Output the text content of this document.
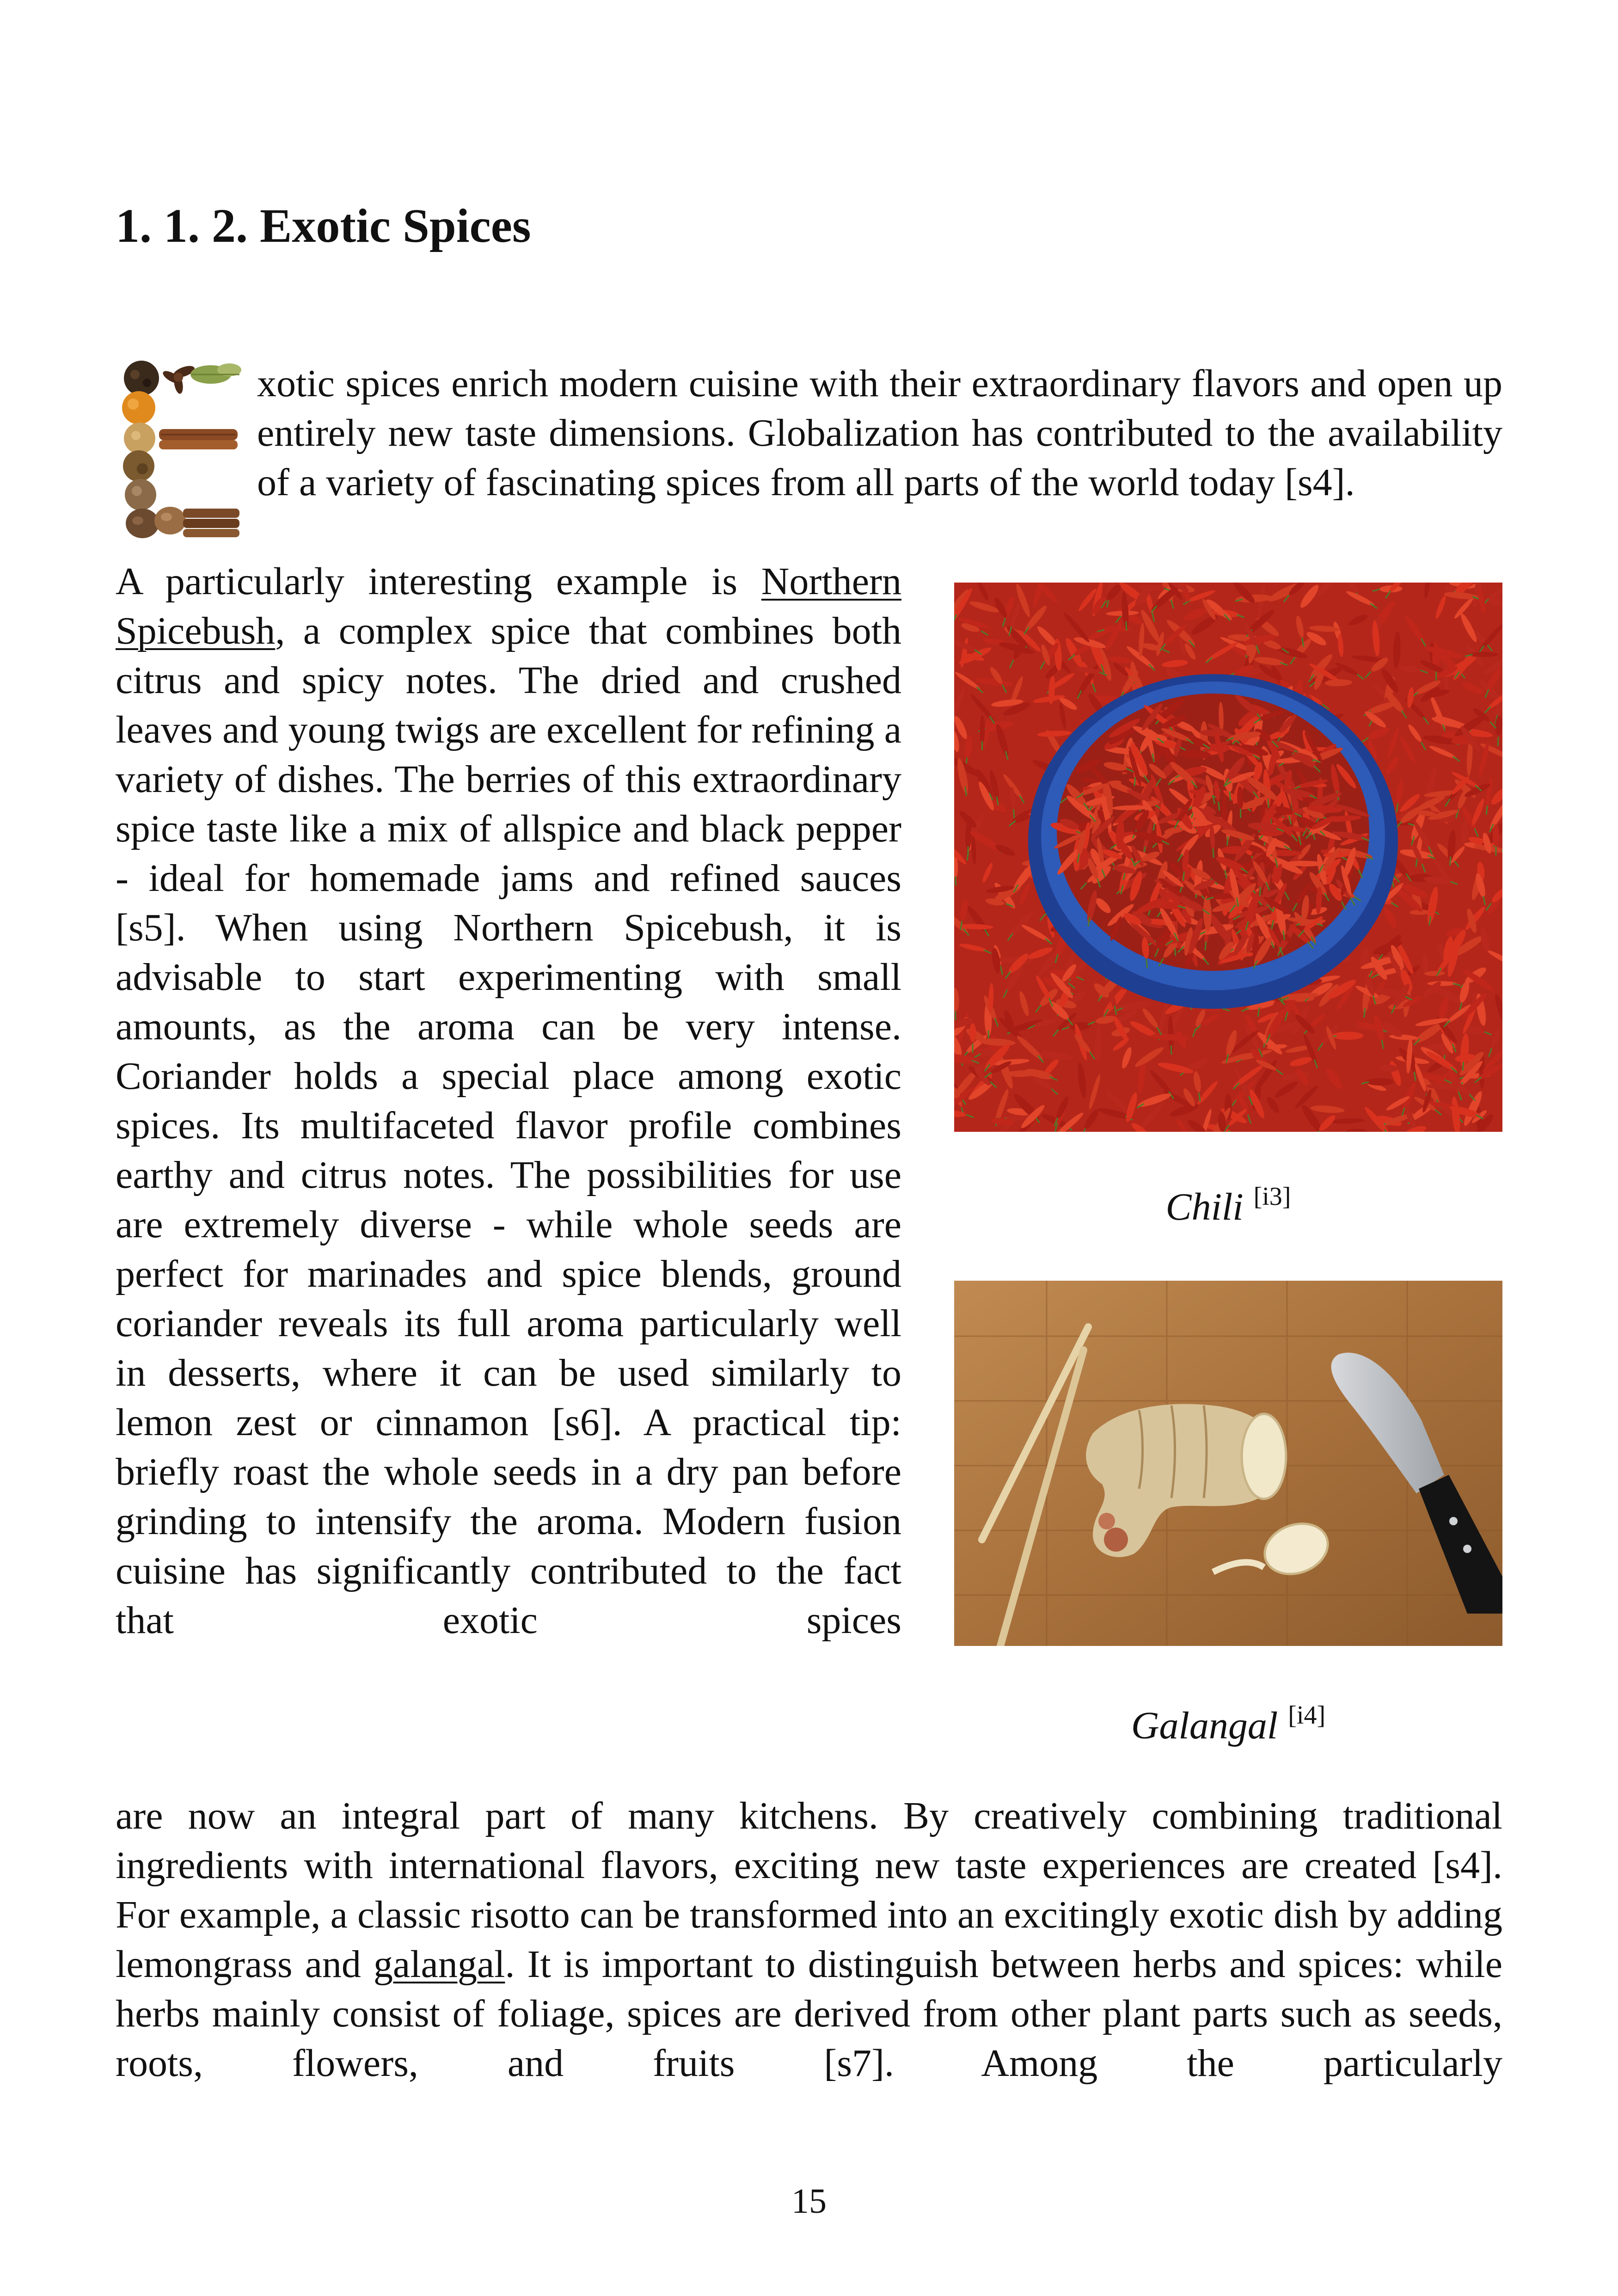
1. 1. 2. Exotic Spices

xotic spices enrich modern cuisine with their extraordinary flavors and open up entirely new taste dimensions. Globalization has contributed to the availability of a variety of fascinating spices from all parts of the world today [s4].

A particularly interesting example is Northern Spicebush, a complex spice that combines both citrus and spicy notes. The dried and crushed leaves and young twigs are excellent for refining a variety of dishes. The berries of this extraordinary spice taste like a mix of allspice and black pepper - ideal for homemade jams and refined sauces [s5]. When using Northern Spicebush, it is advisable to start experimenting with small amounts, as the aroma can be very intense. Coriander holds a special place among exotic spices. Its multifaceted flavor profile combines earthy and citrus notes. The possibilities for use are extremely diverse - while whole seeds are perfect for marinades and spice blends, ground coriander reveals its full aroma particularly well in desserts, where it can be used similarly to lemon zest or cinnamon [s6]. A practical tip: briefly roast the whole seeds in a dry pan before grinding to intensify the aroma. Modern fusion cuisine has significantly contributed to the fact that exotic spices

Chili [i3]
Galangal [i4]

are now an integral part of many kitchens. By creatively combining traditional ingredients with international flavors, exciting new taste experiences are created [s4]. For example, a classic risotto can be transformed into an excitingly exotic dish by adding lemongrass and galangal. It is important to distinguish between herbs and spices: while herbs mainly consist of foliage, spices are derived from other plant parts such as seeds, roots, flowers, and fruits [s7]. Among the particularly

15
